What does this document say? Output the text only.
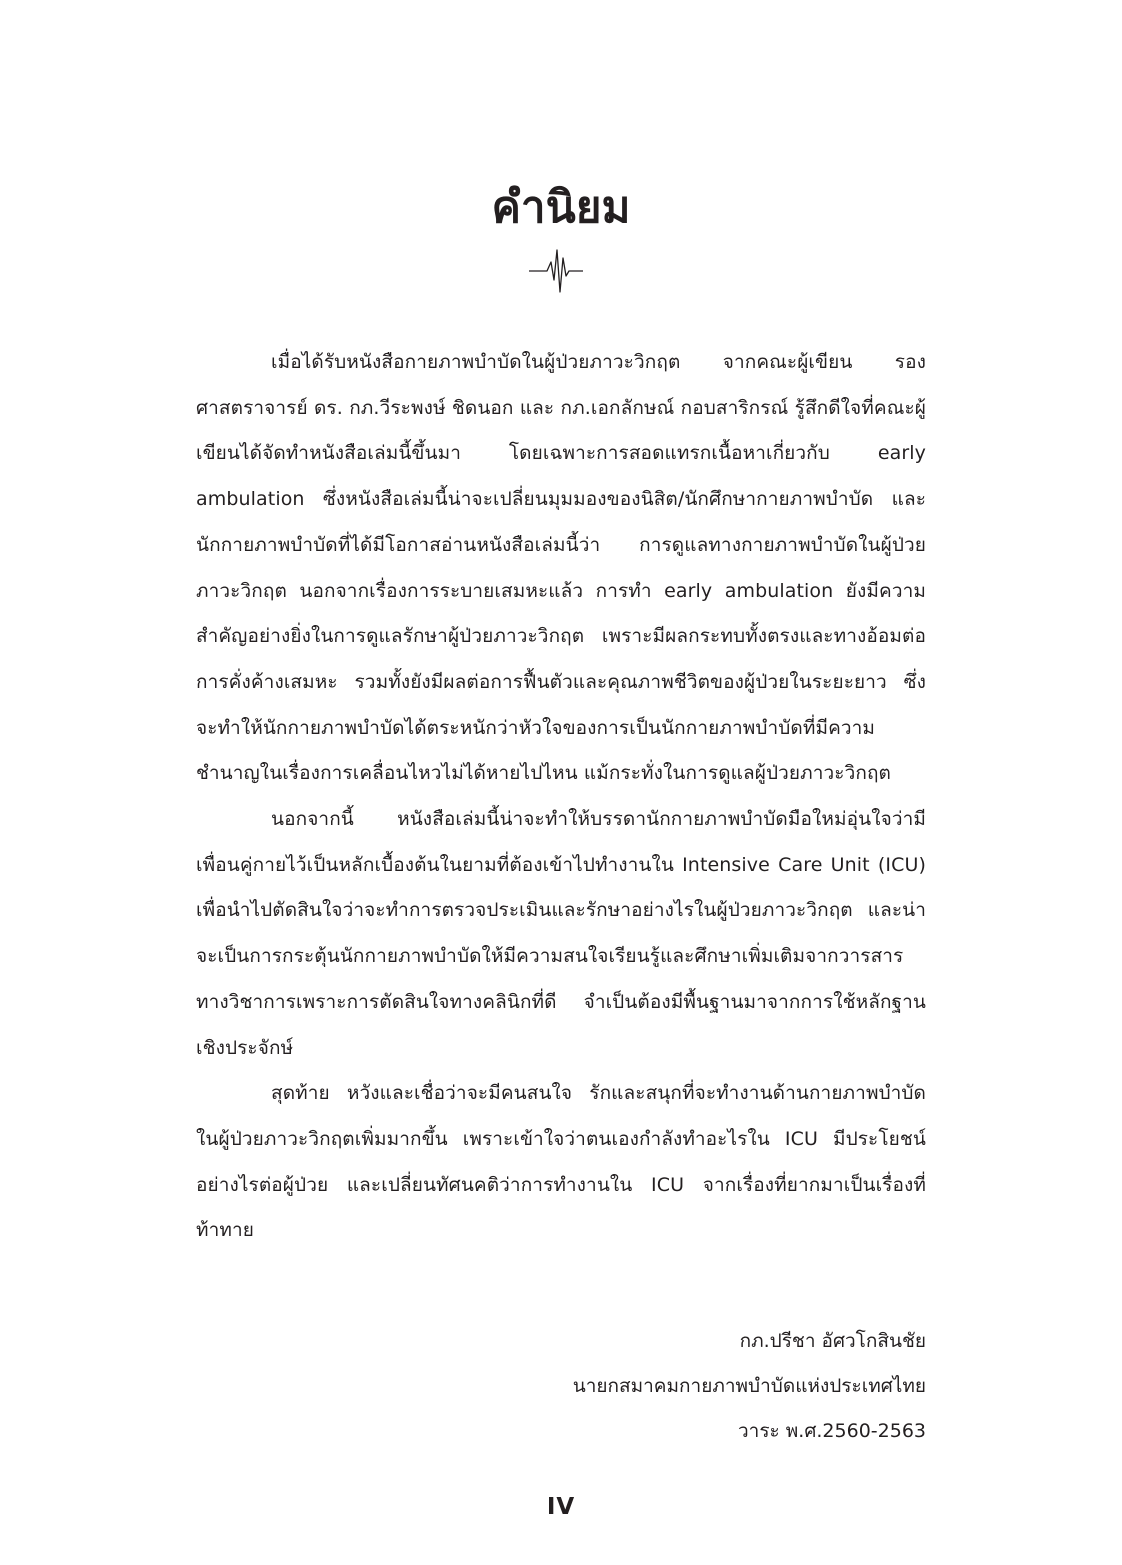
คำนิยม

เมื่อได้รับหนังสือกายภาพบำบัดในผู้ป่วยภาวะวิกฤต จากคณะผู้เขียน รองศาสตราจารย์ ดร. กภ.วีระพงษ์ ชิดนอก และ กภ.เอกลักษณ์ กอบสาริกรณ์ รู้สึกดีใจที่คณะผู้เขียนได้จัดทำหนังสือเล่มนี้ขึ้นมา โดยเฉพาะการสอดแทรกเนื้อหาเกี่ยวกับ early ambulation ซึ่งหนังสือเล่มนี้น่าจะเปลี่ยนมุมมองของนิสิต/นักศึกษากายภาพบำบัด และนักกายภาพบำบัดที่ได้มีโอกาสอ่านหนังสือเล่มนี้ว่า การดูแลทางกายภาพบำบัดในผู้ป่วยภาวะวิกฤต นอกจากเรื่องการระบายเสมหะแล้ว การทำ early ambulation ยังมีความสำคัญอย่างยิ่งในการดูแลรักษาผู้ป่วยภาวะวิกฤต เพราะมีผลกระทบทั้งตรงและทางอ้อมต่อการคั่งค้างเสมหะ รวมทั้งยังมีผลต่อการฟื้นตัวและคุณภาพชีวิตของผู้ป่วยในระยะยาว ซึ่งจะทำให้นักกายภาพบำบัดได้ตระหนักว่าหัวใจของการเป็นนักกายภาพบำบัดที่มีความชำนาญในเรื่องการเคลื่อนไหวไม่ได้หายไปไหน แม้กระทั่งในการดูแลผู้ป่วยภาวะวิกฤต

นอกจากนี้ หนังสือเล่มนี้น่าจะทำให้บรรดานักกายภาพบำบัดมือใหม่อุ่นใจว่ามีเพื่อนคู่กายไว้เป็นหลักเบื้องต้นในยามที่ต้องเข้าไปทำงานใน Intensive Care Unit (ICU) เพื่อนำไปตัดสินใจว่าจะทำการตรวจประเมินและรักษาอย่างไรในผู้ป่วยภาวะวิกฤต และน่าจะเป็นการกระตุ้นนักกายภาพบำบัดให้มีความสนใจเรียนรู้และศึกษาเพิ่มเติมจากวารสารทางวิชาการเพราะการตัดสินใจทางคลินิกที่ดี จำเป็นต้องมีพื้นฐานมาจากการใช้หลักฐานเชิงประจักษ์

สุดท้าย หวังและเชื่อว่าจะมีคนสนใจ รักและสนุกที่จะทำงานด้านกายภาพบำบัดในผู้ป่วยภาวะวิกฤตเพิ่มมากขึ้น เพราะเข้าใจว่าตนเองกำลังทำอะไรใน ICU มีประโยชน์อย่างไรต่อผู้ป่วย และเปลี่ยนทัศนคติว่าการทำงานใน ICU จากเรื่องที่ยากมาเป็นเรื่องที่ท้าทาย

กภ.ปรีชา อัศวโกสินชัย
นายกสมาคมกายภาพบำบัดแห่งประเทศไทย
วาระ พ.ศ.2560-2563
IV
